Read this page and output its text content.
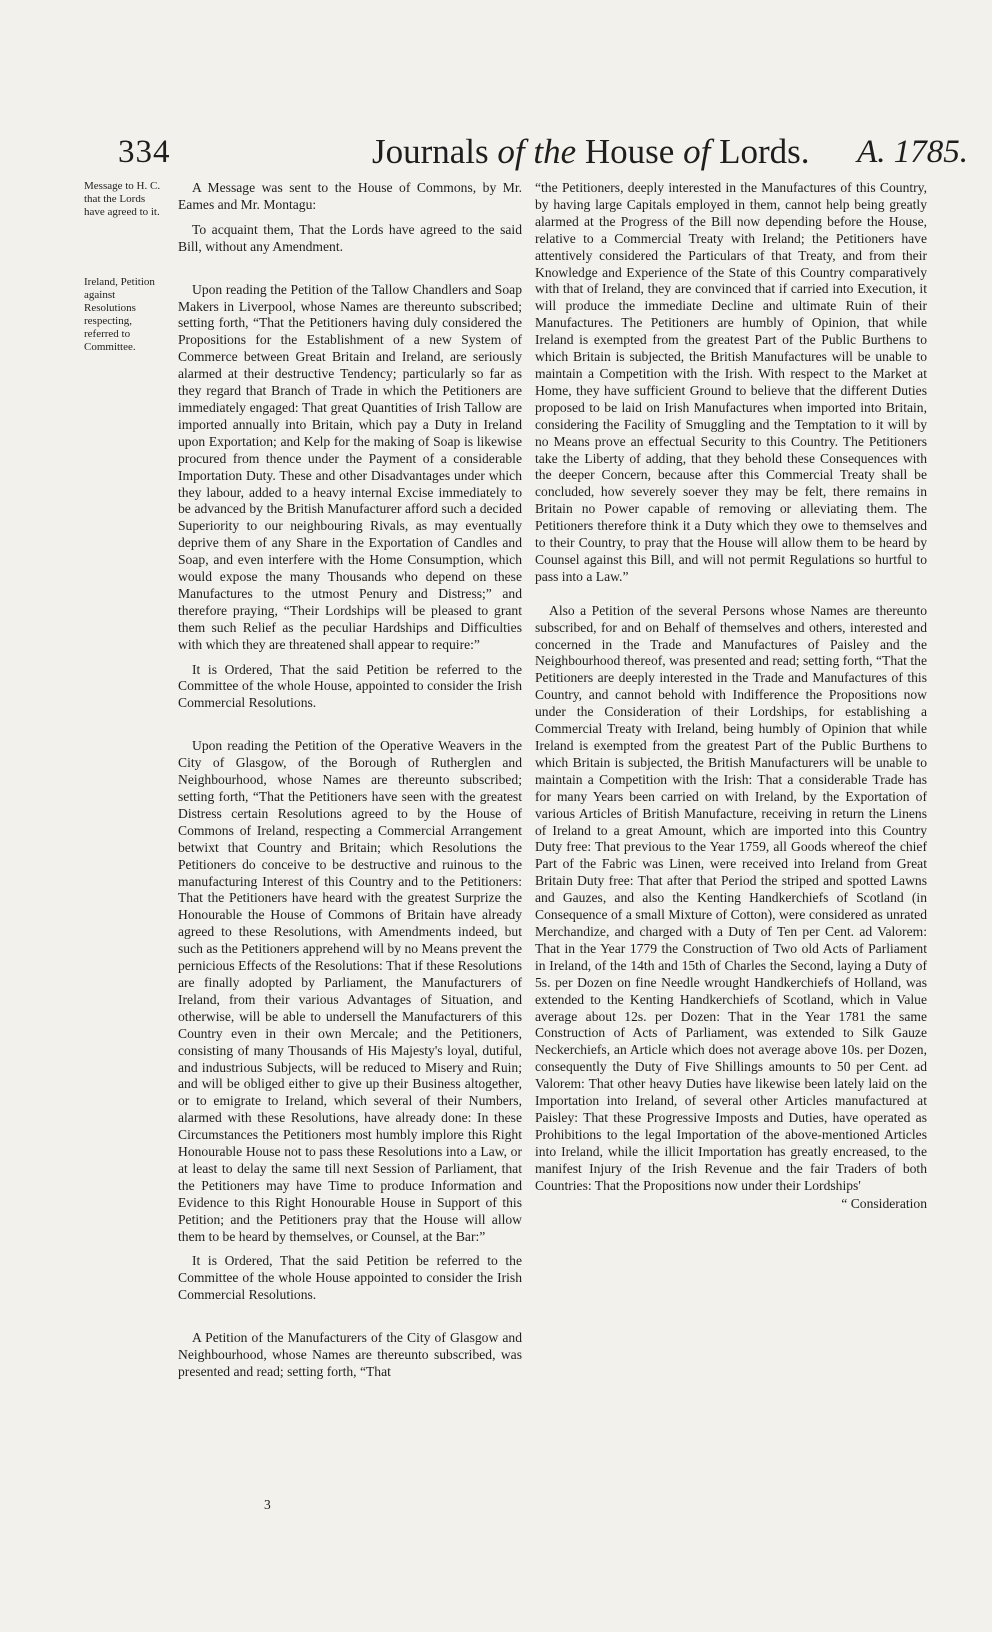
334	Journals of the House of Lords. A. 1785.
Message to H. C. that the Lords have agreed to it.
Ireland, Petition against Resolutions respecting, referred to Committee.

A Message was sent to the House of Commons, by Mr. Eames and Mr. Montagu:

To acquaint them, That the Lords have agreed to the said Bill, without any Amendment.

Upon reading the Petition of the Tallow Chandlers and Soap Makers in Liverpool, whose Names are thereunto subscribed; setting forth, “That the Petitioners having duly considered the Propositions for the Establishment of a new System of Commerce between Great Britain and Ireland, are seriously alarmed at their destructive Tendency; particularly so far as they regard that Branch of Trade in which the Petitioners are immediately engaged: That great Quantities of Irish Tallow are imported annually into Britain, which pay a Duty in Ireland upon Exportation; and Kelp for the making of Soap is likewise procured from thence under the Payment of a considerable Importation Duty. These and other Disadvantages under which they labour, added to a heavy internal Excise immediately to be advanced by the British Manufacturer afford such a decided Superiority to our neighbouring Rivals, as may eventually deprive them of any Share in the Exportation of Candles and Soap, and even interfere with the Home Consumption, which would expose the many Thousands who depend on these Manufactures to the utmost Penury and Distress;” and therefore praying, “Their Lordships will be pleased to grant them such Relief as the peculiar Hardships and Difficulties with which they are threatened shall appear to require:”

It is Ordered, That the said Petition be referred to the Committee of the whole House, appointed to consider the Irish Commercial Resolutions.

Upon reading the Petition of the Operative Weavers in the City of Glasgow, of the Borough of Rutherglen and Neighbourhood, whose Names are thereunto subscribed; setting forth, “That the Petitioners have seen with the greatest Distress certain Resolutions agreed to by the House of Commons of Ireland, respecting a Commercial Arrangement betwixt that Country and Britain; which Resolutions the Petitioners do conceive to be destructive and ruinous to the manufacturing Interest of this Country and to the Petitioners: That the Petitioners have heard with the greatest Surprize the Honourable the House of Commons of Britain have already agreed to these Resolutions, with Amendments indeed, but such as the Petitioners apprehend will by no Means prevent the pernicious Effects of the Resolutions: That if these Resolutions are finally adopted by Parliament, the Manufacturers of Ireland, from their various Advantages of Situation, and otherwise, will be able to undersell the Manufacturers of this Country even in their own Mercale; and the Petitioners, consisting of many Thousands of His Majesty's loyal, dutiful, and industrious Subjects, will be reduced to Misery and Ruin; and will be obliged either to give up their Business altogether, or to emigrate to Ireland, which several of their Numbers, alarmed with these Resolutions, have already done: In these Circumstances the Petitioners most humbly implore this Right Honourable House not to pass these Resolutions into a Law, or at least to delay the same till next Session of Parliament, that the Petitioners may have Time to produce Information and Evidence to this Right Honourable House in Support of this Petition; and the Petitioners pray that the House will allow them to be heard by themselves, or Counsel, at the Bar:”

It is Ordered, That the said Petition be referred to the Committee of the whole House appointed to consider the Irish Commercial Resolutions.

A Petition of the Manufacturers of the City of Glasgow and Neighbourhood, whose Names are thereunto subscribed, was presented and read; setting forth, “That

“the Petitioners, deeply interested in the Manufactures of this Country, by having large Capitals employed in them, cannot help being greatly alarmed at the Progress of the Bill now depending before the House, relative to a Commercial Treaty with Ireland; the Petitioners have attentively considered the Particulars of that Treaty, and from their Knowledge and Experience of the State of this Country comparatively with that of Ireland, they are convinced that if carried into Execution, it will produce the immediate Decline and ultimate Ruin of their Manufactures. The Petitioners are humbly of Opinion, that while Ireland is exempted from the greatest Part of the Public Burthens to which Britain is subjected, the British Manufactures will be unable to maintain a Competition with the Irish. With respect to the Market at Home, they have sufficient Ground to believe that the different Duties proposed to be laid on Irish Manufactures when imported into Britain, considering the Facility of Smuggling and the Temptation to it will by no Means prove an effectual Security to this Country. The Petitioners take the Liberty of adding, that they behold these Consequences with the deeper Concern, because after this Commercial Treaty shall be concluded, how severely soever they may be felt, there remains in Britain no Power capable of removing or alleviating them. The Petitioners therefore think it a Duty which they owe to themselves and to their Country, to pray that the House will allow them to be heard by Counsel against this Bill, and will not permit Regulations so hurtful to pass into a Law.”

Also a Petition of the several Persons whose Names are thereunto subscribed, for and on Behalf of themselves and others, interested and concerned in the Trade and Manufactures of Paisley and the Neighbourhood thereof, was presented and read; setting forth, “That the Petitioners are deeply interested in the Trade and Manufactures of this Country, and cannot behold with Indifference the Propositions now under the Consideration of their Lordships, for establishing a Commercial Treaty with Ireland, being humbly of Opinion that while Ireland is exempted from the greatest Part of the Public Burthens to which Britain is subjected, the British Manufacturers will be unable to maintain a Competition with the Irish: That a considerable Trade has for many Years been carried on with Ireland, by the Exportation of various Articles of British Manufacture, receiving in return the Linens of Ireland to a great Amount, which are imported into this Country Duty free: That previous to the Year 1759, all Goods whereof the chief Part of the Fabric was Linen, were received into Ireland from Great Britain Duty free: That after that Period the striped and spotted Lawns and Gauzes, and also the Kenting Handkerchiefs of Scotland (in Consequence of a small Mixture of Cotton), were considered as unrated Merchandize, and charged with a Duty of Ten per Cent. ad Valorem: That in the Year 1779 the Construction of Two old Acts of Parliament in Ireland, of the 14th and 15th of Charles the Second, laying a Duty of 5s. per Dozen on fine Needle wrought Handkerchiefs of Holland, was extended to the Kenting Handkerchiefs of Scotland, which in Value average about 12s. per Dozen: That in the Year 1781 the same Construction of Acts of Parliament, was extended to Silk Gauze Neckerchiefs, an Article which does not average above 10s. per Dozen, consequently the Duty of Five Shillings amounts to 50 per Cent. ad Valorem: That other heavy Duties have likewise been lately laid on the Importation into Ireland, of several other Articles manufactured at Paisley: That these Progressive Imposts and Duties, have operated as Prohibitions to the legal Importation of the above-mentioned Articles into Ireland, while the illicit Importation has greatly encreased, to the manifest Injury of the Irish Revenue and the fair Traders of both Countries: That the Propositions now under their Lordships'

“ Consideration
3
